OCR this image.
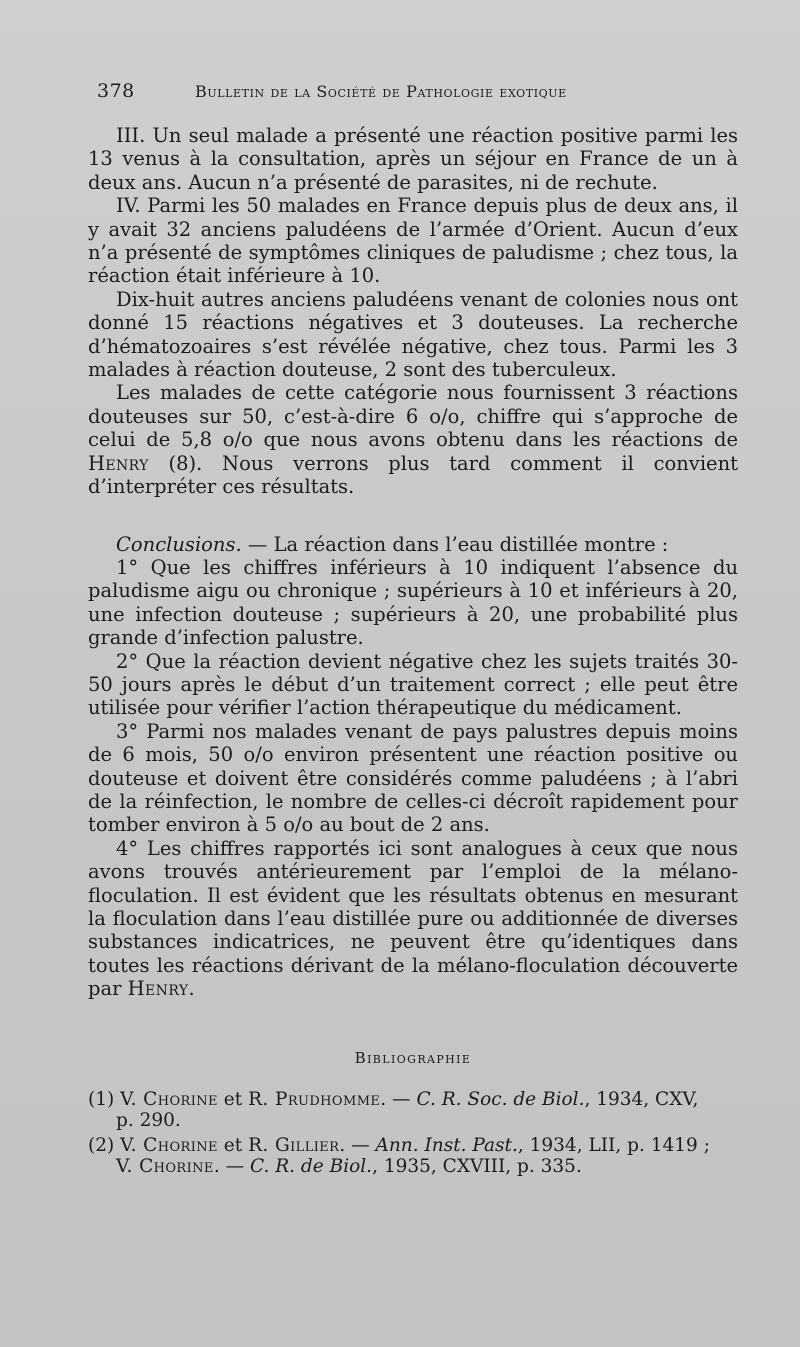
378	Bulletin de la Société de Pathologie exotique

III. Un seul malade a présenté une réaction positive parmi les 13 venus à la consultation, après un séjour en France de un à deux ans. Aucun n’a présenté de parasites, ni de rechute.

IV. Parmi les 50 malades en France depuis plus de deux ans, il y avait 32 anciens paludéens de l’armée d’Orient. Aucun d’eux n’a présenté de symptômes cliniques de paludisme ; chez tous, la réaction était inférieure à 10.

Dix-huit autres anciens paludéens venant de colonies nous ont donné 15 réactions négatives et 3 douteuses. La recherche d’hématozoaires s’est révélée négative, chez tous. Parmi les 3 malades à réaction douteuse, 2 sont des tuberculeux.

Les malades de cette catégorie nous fournissent 3 réactions douteuses sur 50, c’est-à-dire 6 o/o, chiffre qui s’approche de celui de 5,8 o/o que nous avons obtenu dans les réactions de Henry (8). Nous verrons plus tard comment il convient d’interpréter ces résultats.

Conclusions. — La réaction dans l’eau distillée montre :

1° Que les chiffres inférieurs à 10 indiquent l’absence du paludisme aigu ou chronique ; supérieurs à 10 et inférieurs à 20, une infection douteuse ; supérieurs à 20, une probabilité plus grande d’infection palustre.

2° Que la réaction devient négative chez les sujets traités 30-50 jours après le début d’un traitement correct ; elle peut être utilisée pour vérifier l’action thérapeutique du médicament.

3° Parmi nos malades venant de pays palustres depuis moins de 6 mois, 50 o/o environ présentent une réaction positive ou douteuse et doivent être considérés comme paludéens ; à l’abri de la réinfection, le nombre de celles-ci décroît rapidement pour tomber environ à 5 o/o au bout de 2 ans.

4° Les chiffres rapportés ici sont analogues à ceux que nous avons trouvés antérieurement par l’emploi de la mélano-floculation. Il est évident que les résultats obtenus en mesurant la floculation dans l’eau distillée pure ou additionnée de diverses substances indicatrices, ne peuvent être qu’identiques dans toutes les réactions dérivant de la mélano-floculation découverte par Henry.

Bibliographie
(1) V. Chorine et R. Prudhomme. — C. R. Soc. de Biol., 1934, CXV,
p. 290.
(2) V. Chorine et R. Gillier. — Ann. Inst. Past., 1934, LII, p. 1419 ;
V. Chorine. — C. R. de Biol., 1935, CXVIII, p. 335.
